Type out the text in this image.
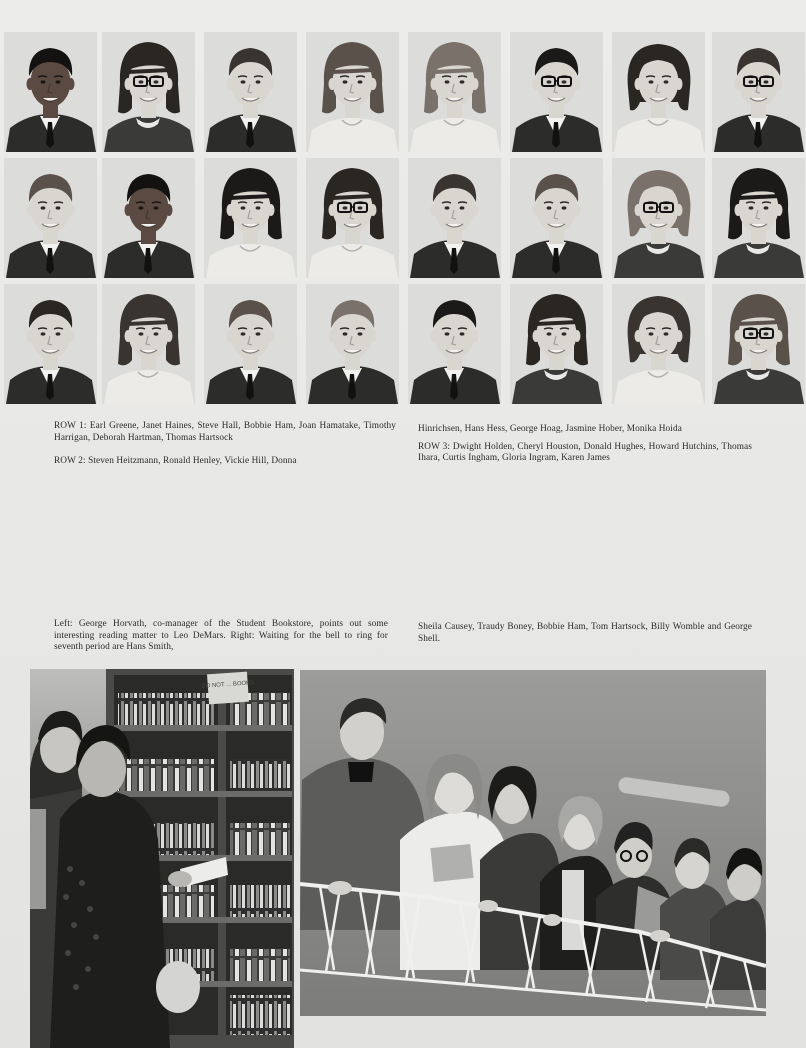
ROW 1: Earl Greene, Janet Haines, Steve Hall, Bobbie Ham, Joan Hamatake, Timothy Harrigan, Deborah Hartman, Thomas Hartsock

ROW 2: Steven Heitzmann, Ronald Henley, Vickie Hill, Donna

Hinrichsen, Hans Hess, George Hoag, Jasmine Hober, Monika Hoida

ROW 3: Dwight Holden, Cheryl Houston, Donald Hughes, Howard Hutchins, Thomas Ihara, Curtis Ingham, Gloria Ingram, Karen James

Left: George Horvath, co-manager of the Student Bookstore, points out some interesting reading matter to Leo DeMars. Right: Waiting for the bell to ring for seventh period are Hans Smith,

Sheila Causey, Traudy Boney, Bobbie Ham, Tom Hartsock, Billy Womble and George Shell.

DO NOT ... BOOKS
